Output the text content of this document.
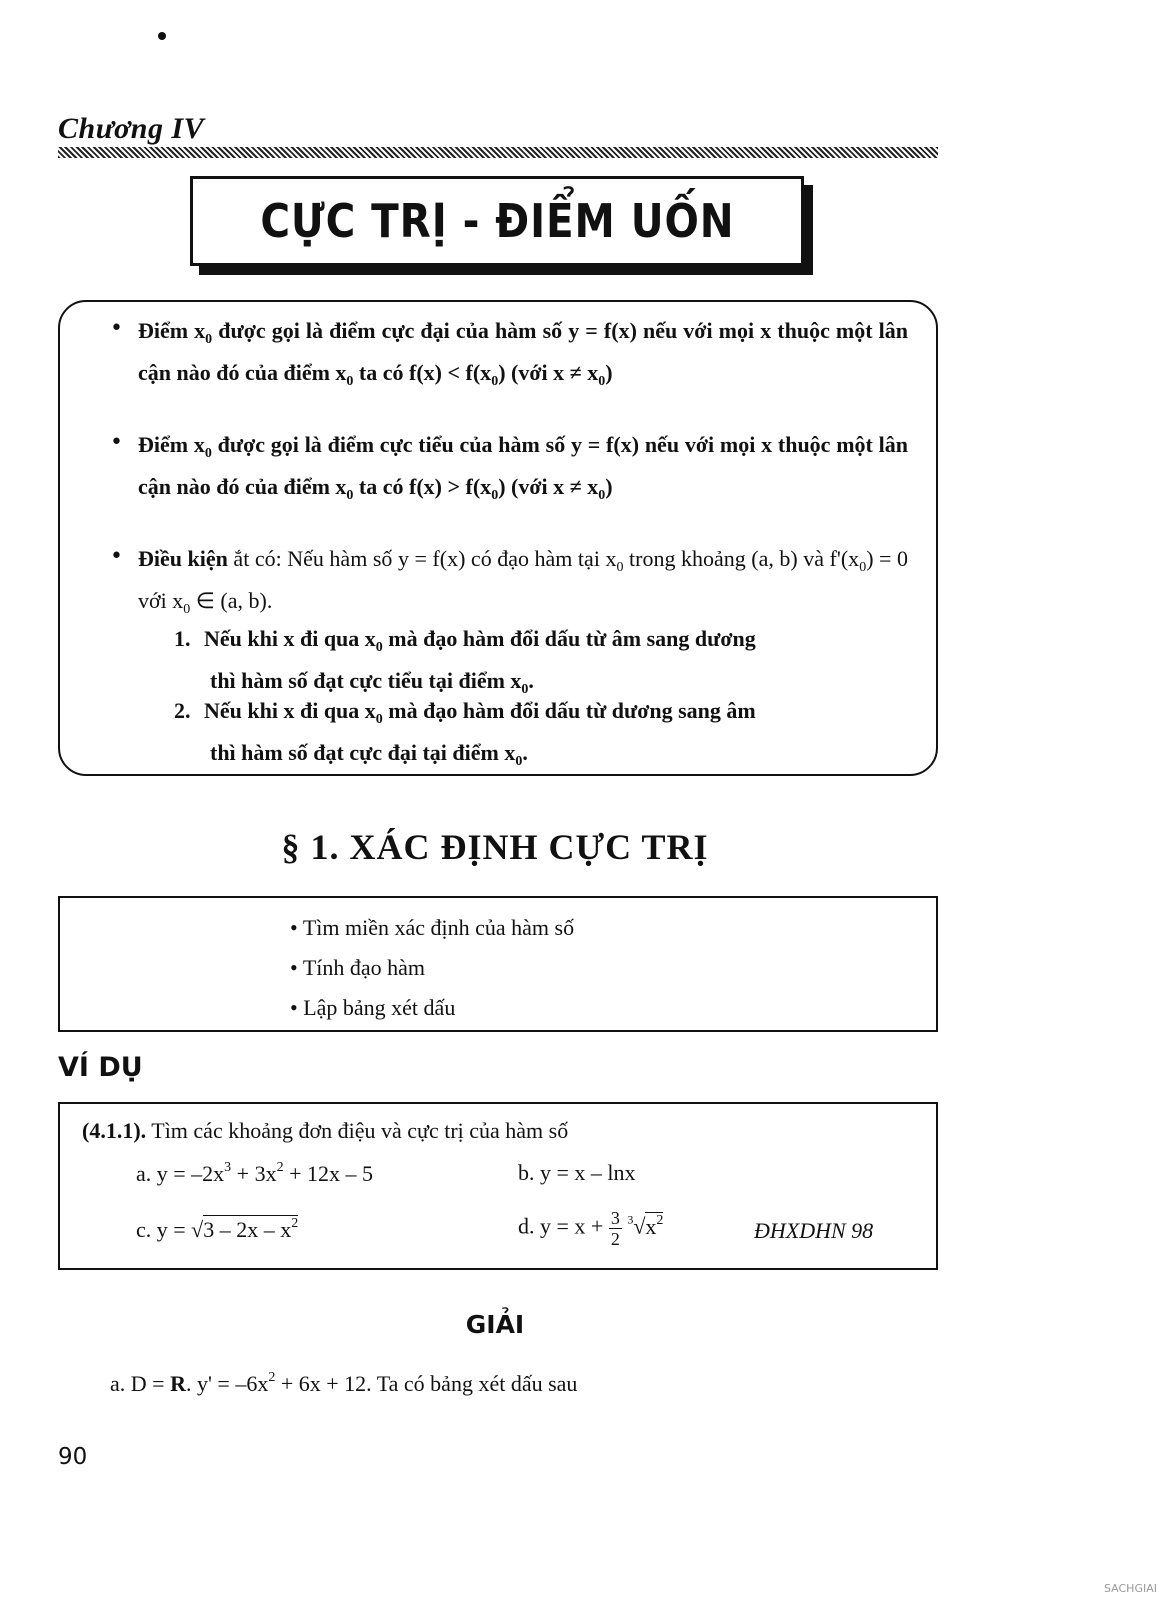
Chương IV
CỰC TRỊ - ĐIỂM UỐN
• Điểm $x_0$ được gọi là điểm cực đại của hàm số y = f(x) nếu với mọi x thuộc một lân cận nào đó của điểm $x_0$ ta có $f(x) < f(x_0)$ (với $x \ne x_0$)
• Điểm $x_0$ được gọi là điểm cực tiểu của hàm số y = f(x) nếu với mọi x thuộc một lân cận nào đó của điểm $x_0$ ta có $f(x) > f(x_0)$ (với $x \ne x_0$)
• Điều kiện ắt có: Nếu hàm số y = f(x) có đạo hàm tại $x_0$ trong khoảng (a, b) và $f'(x_0) = 0$ với $x_0$ ∈ (a, b).
1. Nếu khi x đi qua $x_0$ mà đạo hàm đổi dấu từ âm sang dương
thì hàm số đạt cực tiểu tại điểm $x_0$.
2. Nếu khi x đi qua $x_0$ mà đạo hàm đổi dấu từ dương sang âm
thì hàm số đạt cực đại tại điểm $x_0$.
§ 1. XÁC ĐỊNH CỰC TRỊ
• Tìm miền xác định của hàm số
• Tính đạo hàm
• Lập bảng xét dấu
VÍ DỤ
(4.1.1). Tìm các khoảng đơn điệu và cực trị của hàm số
a. $y = -2x^3 + 3x^2 + 12x - 5$	b. y = x – lnx
c. $y = √3 - 2x - x^2$	d. $y = x + \frac{3}{2} ^3√x^2$	ĐHXDHN 98
GIẢI
a. D = R. $y' = -6x^2 + 6x + 12$. Ta có bảng xét dấu sau
90
SACHGIAI
